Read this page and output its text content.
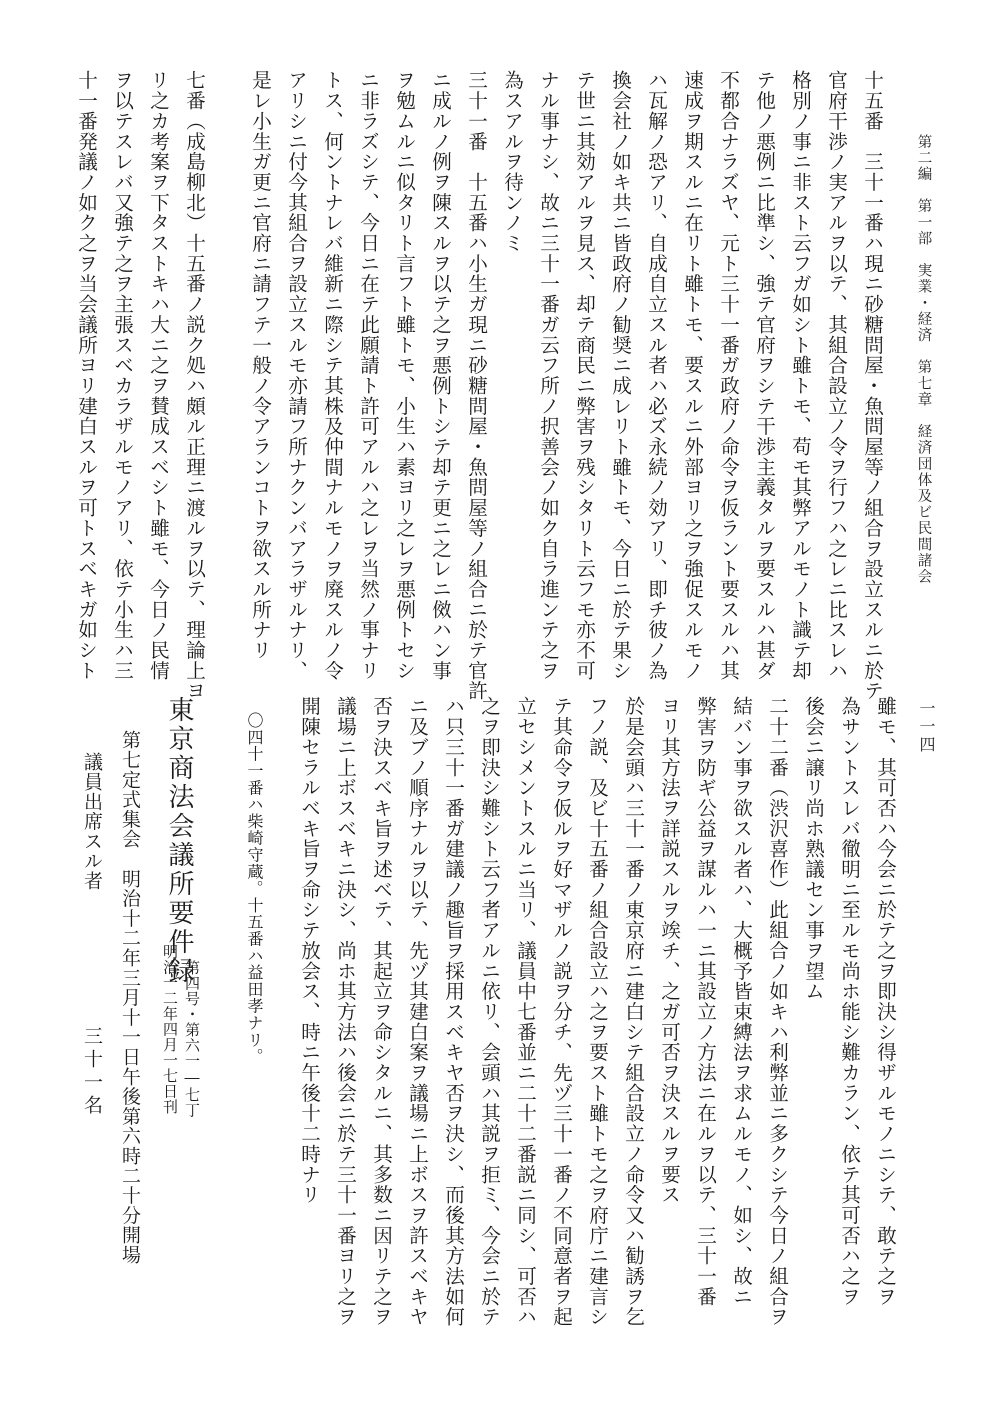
第二編　第一部　実業・経済　第七章　経済団体及ビ民間諸会
一一四
十五番　三十一番ハ現ニ砂糖問屋・魚問屋等ノ組合ヲ設立スルニ於テ
官府干渉ノ実アルヲ以テ、其組合設立ノ令ヲ行フハ之レニ比スレハ
格別ノ事ニ非スト云フガ如シト雖トモ、苟モ其弊アルモノト識テ却
テ他ノ悪例ニ比準シ、強テ官府ヲシテ干渉主義タルヲ要スルハ甚ダ
不都合ナラズヤ、元ト三十一番ガ政府ノ命令ヲ仮ラント要スルハ其
速成ヲ期スルニ在リト雖トモ、要スルニ外部ヨリ之ヲ強促スルモノ
ハ瓦解ノ恐アリ、自成自立スル者ハ必ズ永続ノ効アリ、即チ彼ノ為
換会社ノ如キ共ニ皆政府ノ勧奨ニ成レリト雖トモ、今日ニ於テ果シ
テ世ニ其効アルヲ見ス、却テ商民ニ弊害ヲ残シタリト云フモ亦不可
ナル事ナシ、故ニ三十一番ガ云フ所ノ択善会ノ如ク自ラ進ンテ之ヲ
為スアルヲ待ンノミ
三十一番　十五番ハ小生ガ現ニ砂糖問屋・魚問屋等ノ組合ニ於テ官許
ニ成ルノ例ヲ陳スルヲ以テ之ヲ悪例トシテ却テ更ニ之レニ傚ハン事
ヲ勉ムルニ似タリト言フト雖トモ、小生ハ素ヨリ之レヲ悪例トセシ
ニ非ラズシテ、今日ニ在テ此願請ト許可アルハ之レヲ当然ノ事ナリ
トス、何ントナレバ維新ニ際シテ其株及仲間ナルモノヲ廃スルノ令
アリシニ付今其組合ヲ設立スルモ亦請フ所ナクンバアラザルナリ、
是レ小生ガ更ニ官府ニ請フテ一般ノ令アランコトヲ欲スル所ナリ
七番（成島柳北）十五番ノ説ク処ハ頗ル正理ニ渡ルヲ以テ、理論上ヨ
リ之カ考案ヲ下タストキハ大ニ之ヲ賛成スベシト雖モ、今日ノ民情
ヲ以テスレバ又強テ之ヲ主張スベカラザルモノアリ、依テ小生ハ三
十一番発議ノ如ク之ヲ当会議所ヨリ建白スルヲ可トスベキガ如シト
雖モ、其可否ハ今会ニ於テ之ヲ即決シ得ザルモノニシテ、敢テ之ヲ
為サントスレバ徹明ニ至ルモ尚ホ能シ難カラン、依テ其可否ハ之ヲ
後会ニ譲リ尚ホ熟議セン事ヲ望ム
二十二番（渋沢喜作）此組合ノ如キハ利弊並ニ多クシテ今日ノ組合ヲ
結バン事ヲ欲スル者ハ、大概予皆束縛法ヲ求ムルモノ、如シ、故ニ
弊害ヲ防ギ公益ヲ謀ルハ一ニ其設立ノ方法ニ在ルヲ以テ、三十一番
ヨリ其方法ヲ詳説スルヲ竢チ、之ガ可否ヲ決スルヲ要ス
於是会頭ハ三十一番ノ東京府ニ建白シテ組合設立ノ命令又ハ勧誘ヲ乞
フノ説、及ビ十五番ノ組合設立ハ之ヲ要スト雖トモ之ヲ府庁ニ建言シ
テ其命令ヲ仮ルヲ好マザルノ説ヲ分チ、先ヅ三十一番ノ不同意者ヲ起
立セシメントスルニ当リ、議員中七番並ニ二十二番説ニ同シ、可否ハ
之ヲ即決シ難シト云フ者アルニ依リ、会頭ハ其説ヲ拒ミ、今会ニ於テ
ハ只三十一番ガ建議ノ趣旨ヲ採用スベキヤ否ヲ決シ、而後其方法如何
ニ及ブノ順序ナルヲ以テ、先ヅ其建白案ヲ議場ニ上ボスヲ許スベキヤ
否ヲ決スベキ旨ヲ述ベテ、其起立ヲ命シタルニ、其多数ニ因リテ之ヲ
議場ニ上ボスベキニ決シ、尚ホ其方法ハ後会ニ於テ三十一番ヨリ之ヲ
開陳セラルベキ旨ヲ命シテ放会ス、時ニ午後十二時ナリ
〇四十一番ハ柴崎守蔵。十五番ハ益田孝ナリ。
東京商法会議所要件録
第四号・第六一―七丁
明治一二年四月一七日刊
第七定式集会　明治十二年三月十一日午後第六時二十分開場
議員出席スル者
三十一名
